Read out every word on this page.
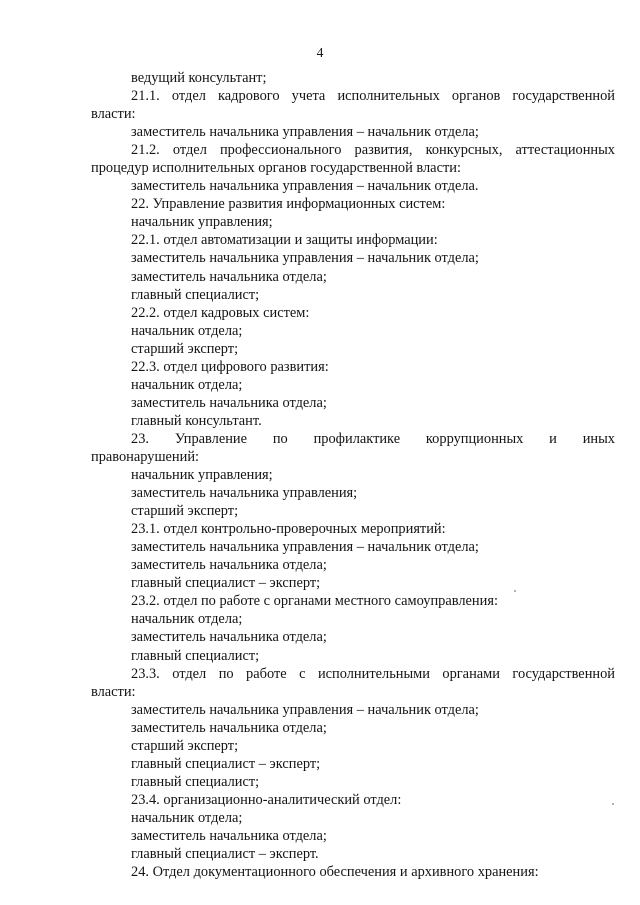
4
ведущий консультант;
21.1. отдел кадрового учета исполнительных органов государственной
власти:
заместитель начальника управления – начальник отдела;
21.2. отдел профессионального развития, конкурсных, аттестационных
процедур исполнительных органов государственной власти:
заместитель начальника управления – начальник отдела.
22. Управление развития информационных систем:
начальник управления;
22.1. отдел автоматизации и защиты информации:
заместитель начальника управления – начальник отдела;
заместитель начальника отдела;
главный специалист;
22.2. отдел кадровых систем:
начальник отдела;
старший эксперт;
22.3. отдел цифрового развития:
начальник отдела;
заместитель начальника отдела;
главный консультант.
23. Управление по профилактике коррупционных и иных
правонарушений:
начальник управления;
заместитель начальника управления;
старший эксперт;
23.1. отдел контрольно-проверочных мероприятий:
заместитель начальника управления – начальник отдела;
заместитель начальника отдела;
главный специалист – эксперт;
23.2. отдел по работе с органами местного самоуправления:
начальник отдела;
заместитель начальника отдела;
главный специалист;
23.3. отдел по работе с исполнительными органами государственной
власти:
заместитель начальника управления – начальник отдела;
заместитель начальника отдела;
старший эксперт;
главный специалист – эксперт;
главный специалист;
23.4. организационно-аналитический отдел:
начальник отдела;
заместитель начальника отдела;
главный специалист – эксперт.
24. Отдел документационного обеспечения и архивного хранения:
